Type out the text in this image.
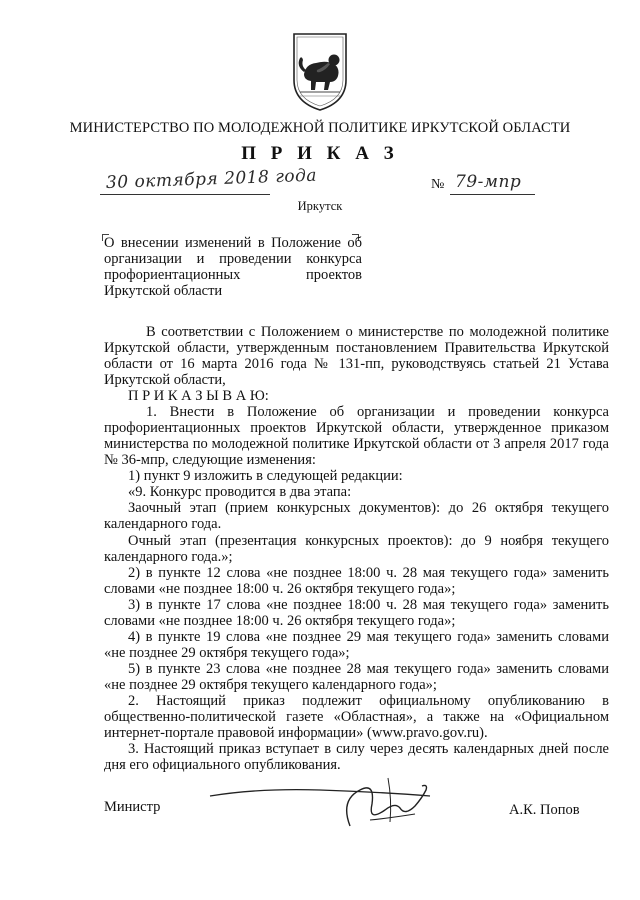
МИНИСТЕРСТВО ПО МОЛОДЕЖНОЙ ПОЛИТИКЕ ИРКУТСКОЙ ОБЛАСТИ
П Р И К А З
30 октября 2018 года	№ 79-мпр
Иркутск
О внесении изменений в Положение об
организации и проведении конкурса
профориентационных проектов
Иркутской области

В соответствии с Положением о министерстве по молодежной политике Иркутской области, утвержденным постановлением Правительства Иркутской области от 16 марта 2016 года № 131-пп, руководствуясь статьей 21 Устава Иркутской области,

П Р И К А З Ы В А Ю:

1. Внести в Положение об организации и проведении конкурса профориентационных проектов Иркутской области, утвержденное приказом министерства по молодежной политике Иркутской области от 3 апреля 2017 года № 36-мпр, следующие изменения:

1) пункт 9 изложить в следующей редакции:

«9. Конкурс проводится в два этапа:

Заочный этап (прием конкурсных документов): до 26 октября текущего календарного года.

Очный этап (презентация конкурсных проектов): до 9 ноября текущего календарного года.»;

2) в пункте 12 слова «не позднее 18:00 ч. 28 мая текущего года» заменить словами «не позднее 18:00 ч. 26 октября текущего года»;

3) в пункте 17 слова «не позднее 18:00 ч. 28 мая текущего года» заменить словами «не позднее 18:00 ч. 26 октября текущего года»;

4) в пункте 19 слова «не позднее 29 мая текущего года» заменить словами «не позднее 29 октября текущего года»;

5) в пункте 23 слова «не позднее 28 мая текущего года» заменить словами «не позднее 29 октября текущего календарного года»;

2. Настоящий приказ подлежит официальному опубликованию в общественно-политической газете «Областная», а также на «Официальном интернет-портале правовой информации» (www.pravo.gov.ru).

3. Настоящий приказ вступает в силу через десять календарных дней после дня его официального опубликования.

Министр	А.К. Попов
